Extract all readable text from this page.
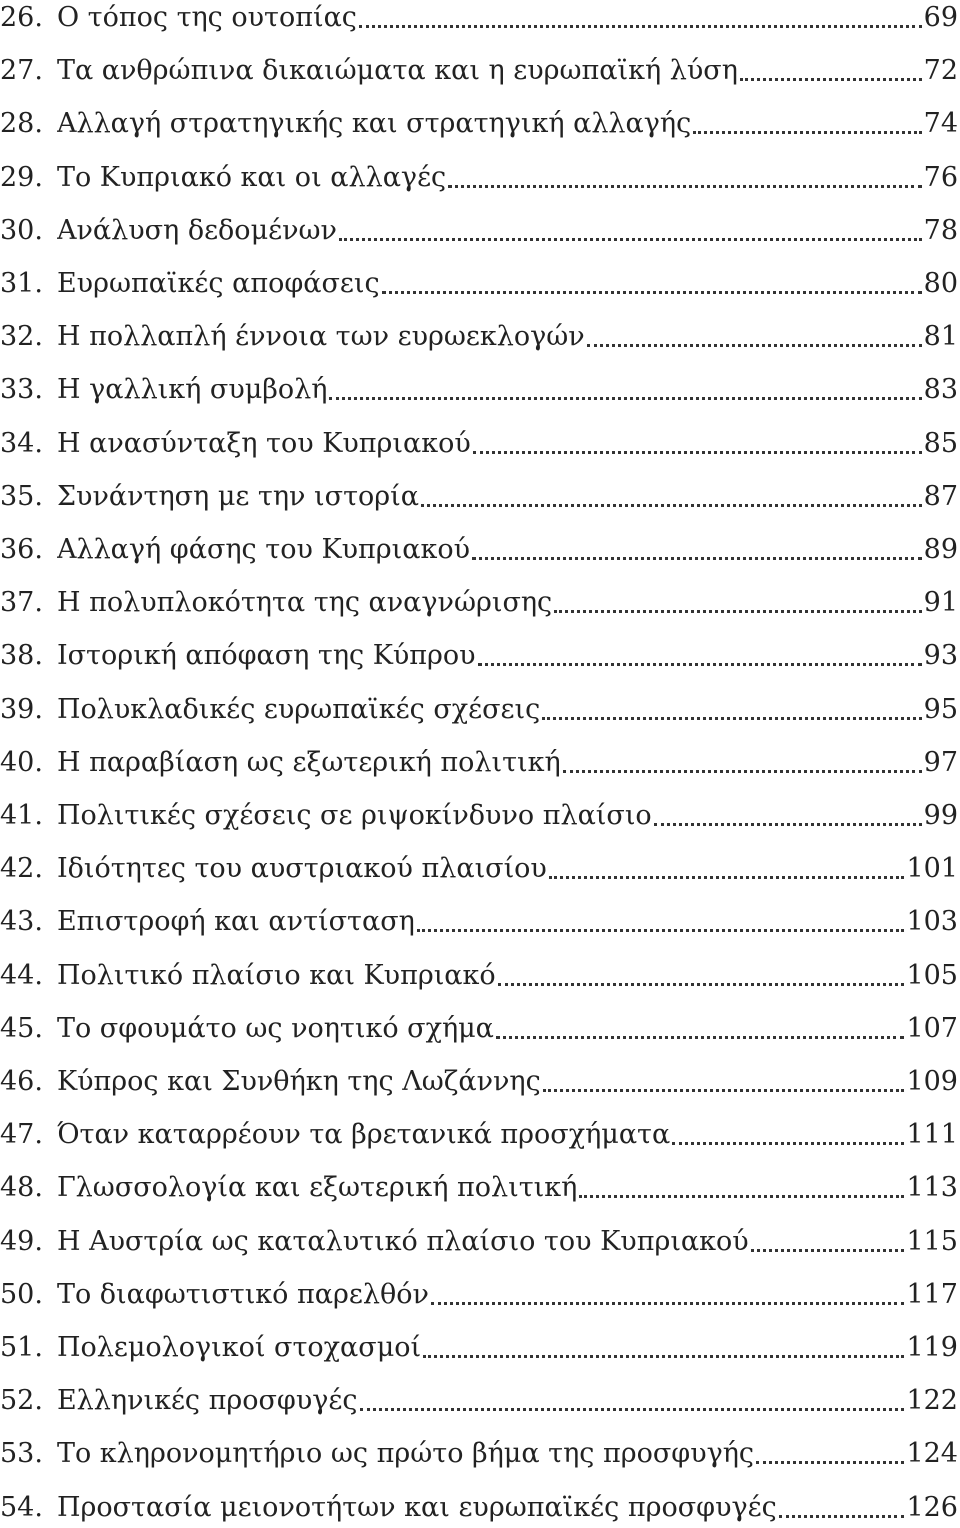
26. Ο τόπος της ουτοπίας	69
27. Τα ανθρώπινα δικαιώματα και η ευρωπαϊκή λύση	72
28. Αλλαγή στρατηγικής και στρατηγική αλλαγής	74
29. Το Κυπριακό και οι αλλαγές	76
30. Ανάλυση δεδομένων	78
31. Ευρωπαϊκές αποφάσεις	80
32. Η πολλαπλή έννοια των ευρωεκλογών	81
33. Η γαλλική συμβολή	83
34. Η ανασύνταξη του Κυπριακού	85
35. Συνάντηση με την ιστορία	87
36. Αλλαγή φάσης του Κυπριακού	89
37. Η πολυπλοκότητα της αναγνώρισης	91
38. Ιστορική απόφαση της Κύπρου	93
39. Πολυκλαδικές ευρωπαϊκές σχέσεις	95
40. Η παραβίαση ως εξωτερική πολιτική	97
41. Πολιτικές σχέσεις σε ριψοκίνδυνο πλαίσιο	99
42. Ιδιότητες του αυστριακού πλαισίου	101
43. Επιστροφή και αντίσταση	103
44. Πολιτικό πλαίσιο και Κυπριακό	105
45. Το σφουμάτο ως νοητικό σχήμα	107
46. Κύπρος και Συνθήκη της Λωζάννης	109
47. Όταν καταρρέουν τα βρετανικά προσχήματα	111
48. Γλωσσολογία και εξωτερική πολιτική	113
49. Η Αυστρία ως καταλυτικό πλαίσιο του Κυπριακού	115
50. Το διαφωτιστικό παρελθόν	117
51. Πολεμολογικοί στοχασμοί	119
52. Ελληνικές προσφυγές	122
53. Το κληρονομητήριο ως πρώτο βήμα της προσφυγής	124
54. Προστασία μειονοτήτων και ευρωπαϊκές προσφυγές	126
